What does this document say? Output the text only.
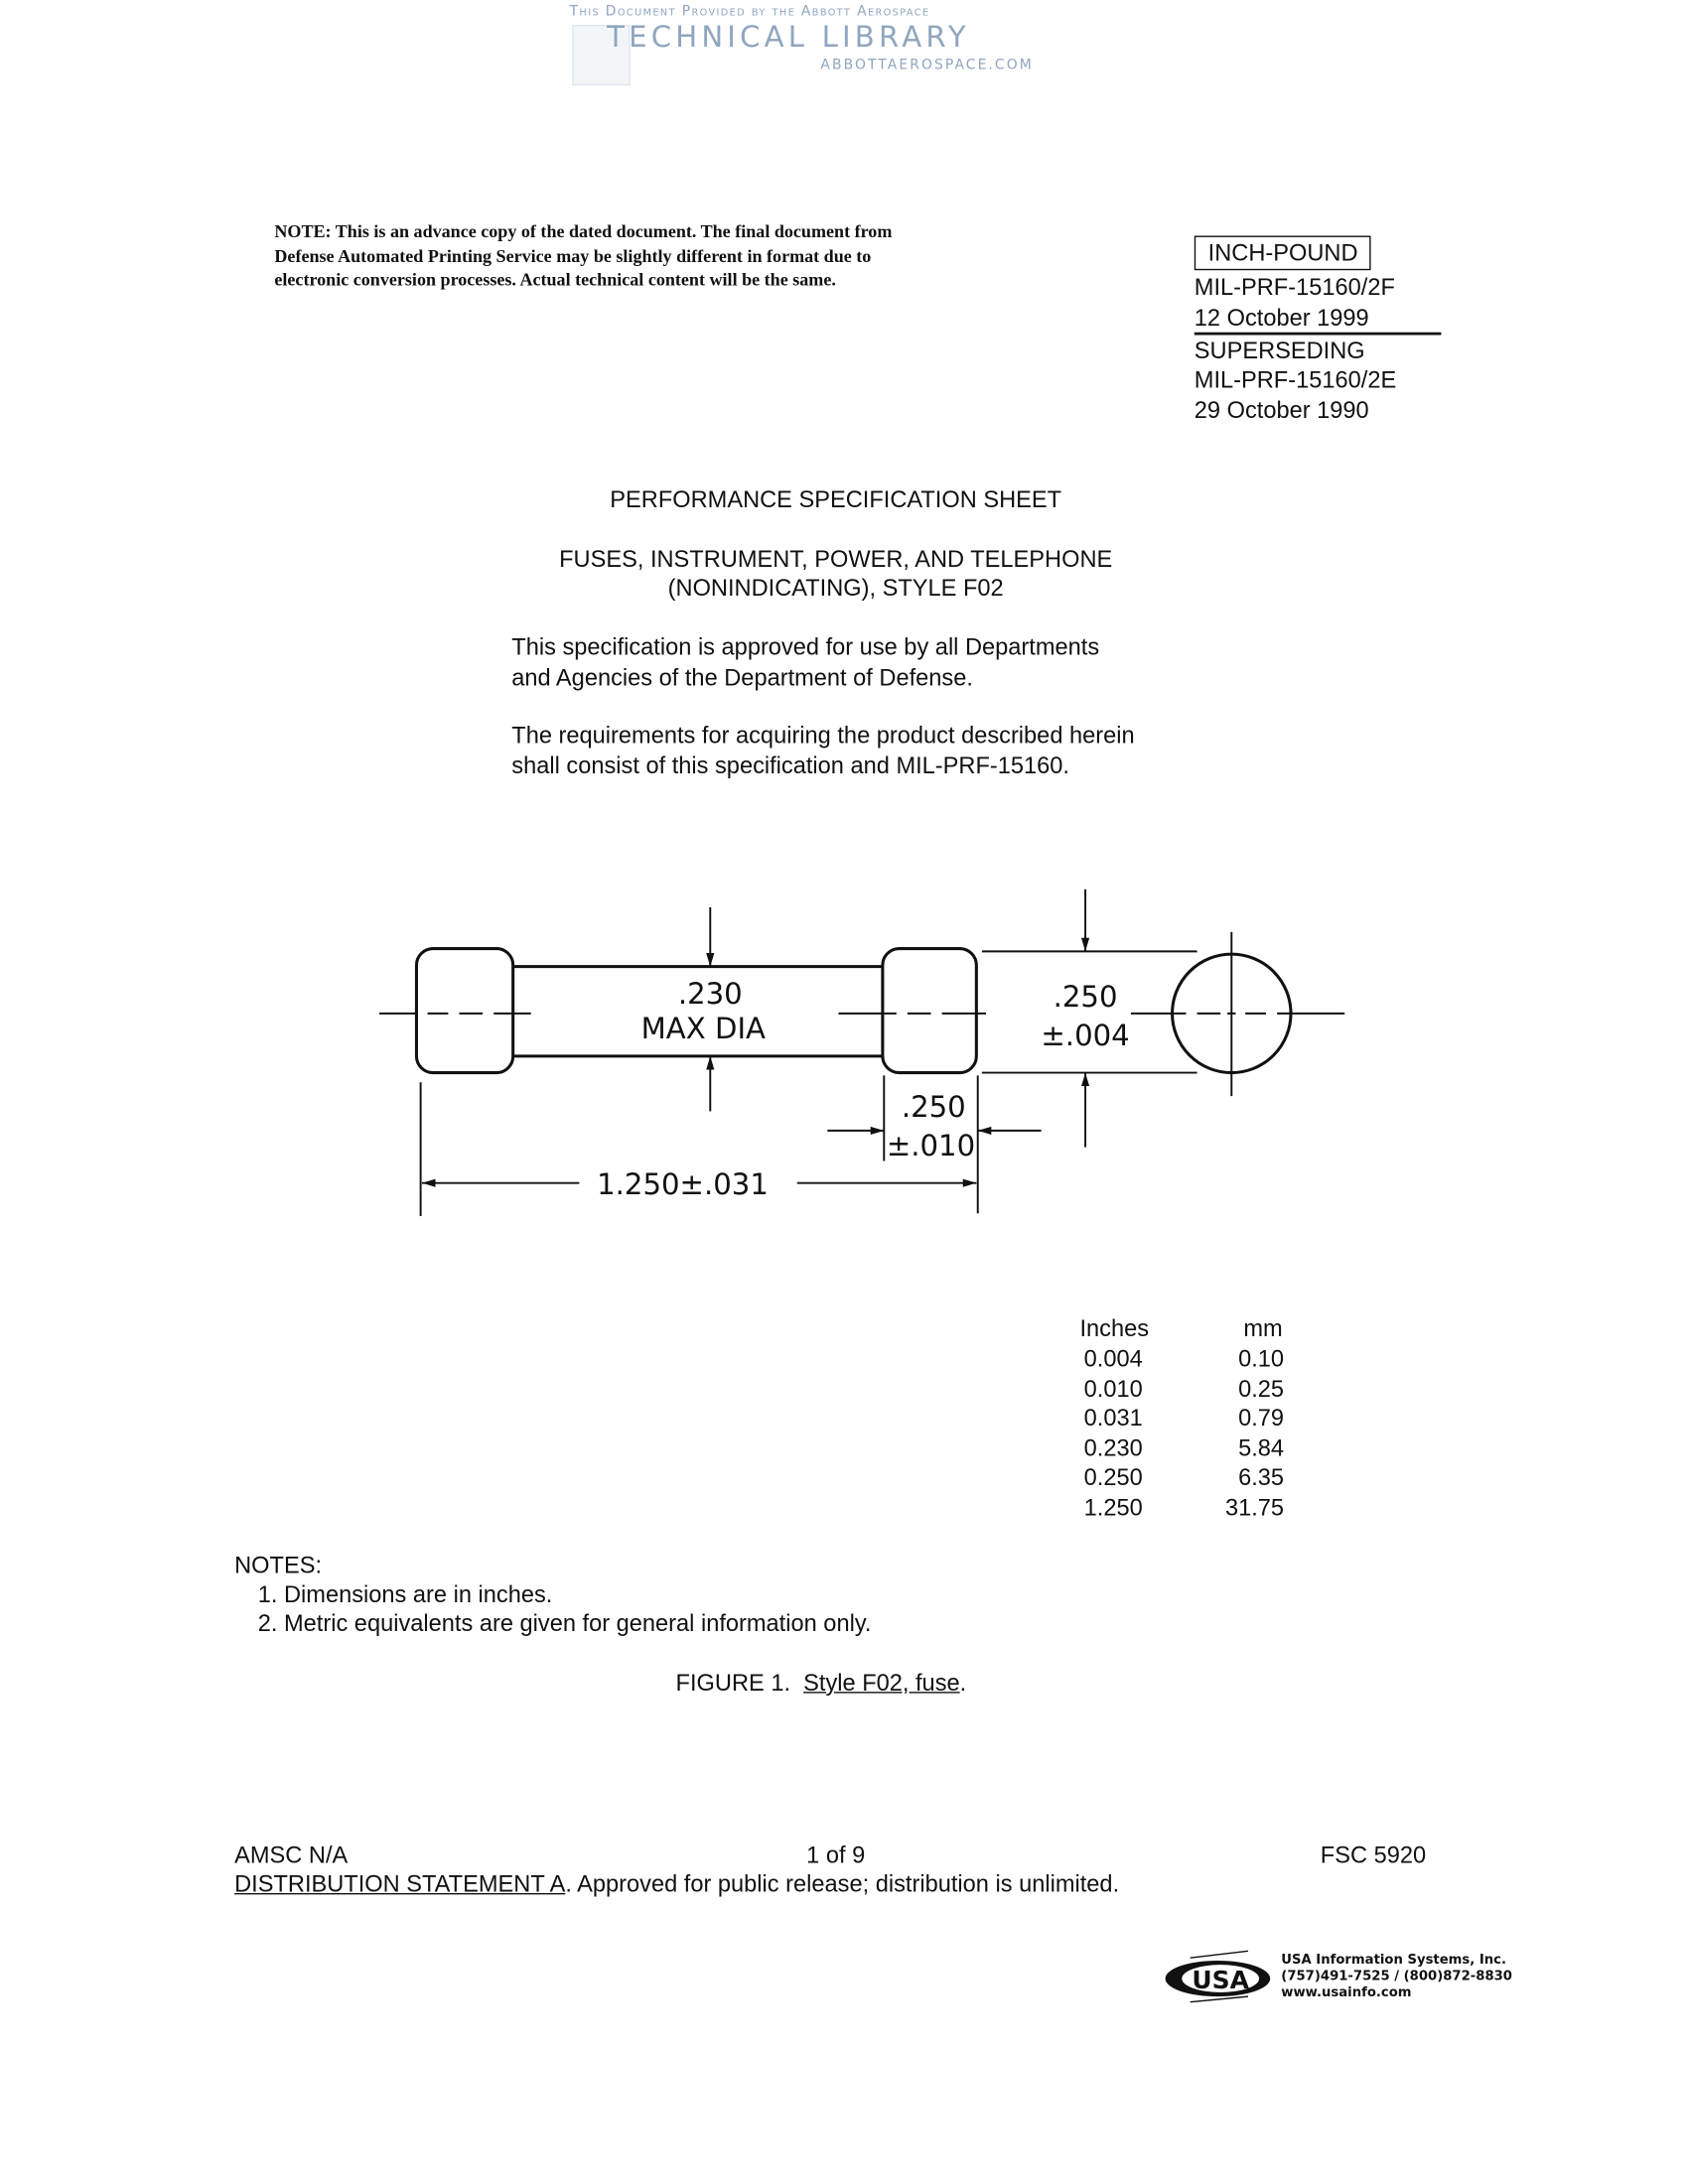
This Document Provided by the Abbott Aerospace
TECHNICAL LIBRARY
ABBOTTAEROSPACE.COM
NOTE: This is an advance copy of the dated document. The final document from
Defense Automated Printing Service may be slightly different in format due to
electronic conversion processes. Actual technical content will be the same.
INCH-POUND
MIL-PRF-15160/2F
12 October 1999
SUPERSEDING
MIL-PRF-15160/2E
29 October 1990
PERFORMANCE SPECIFICATION SHEET
FUSES, INSTRUMENT, POWER, AND TELEPHONE
(NONINDICATING), STYLE F02
This specification is approved for use by all Departments
and Agencies of the Department of Defense.
The requirements for acquiring the product described herein
shall consist of this specification and MIL-PRF-15160.
.230
MAX DIA
.250
±.004
.250
±.010
1.250±.031
Inches	mm
0.004	0.10
0.010	0.25
0.031	0.79
0.230	5.84
0.250	6.35
1.250	31.75
NOTES:
1. Dimensions are in inches.
2. Metric equivalents are given for general information only.
FIGURE 1. Style F02, fuse.
AMSC N/A	1 of 9	FSC 5920
DISTRIBUTION STATEMENT A. Approved for public release; distribution is unlimited.
USA
USA Information Systems, Inc.
(757)491-7525 / (800)872-8830
www.usainfo.com
